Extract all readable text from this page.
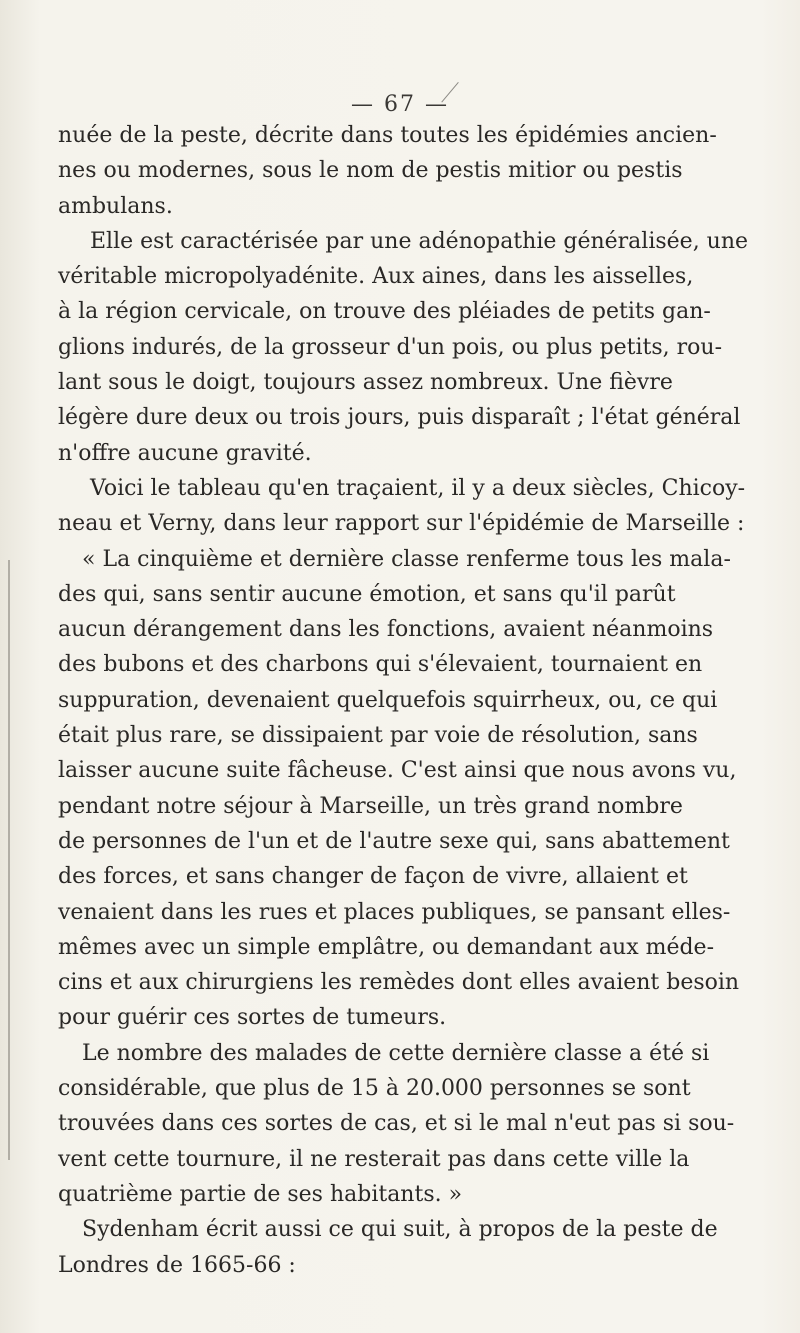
— 67 —
nuée de la peste, décrite dans toutes les épidémies ancien-
nes ou modernes, sous le nom de pestis mitior ou pestis
ambulans.
Elle est caractérisée par une adénopathie généralisée, une
véritable micropolyadénite. Aux aines, dans les aisselles,
à la région cervicale, on trouve des pléiades de petits gan-
glions indurés, de la grosseur d'un pois, ou plus petits, rou-
lant sous le doigt, toujours assez nombreux. Une fièvre
légère dure deux ou trois jours, puis disparaît ; l'état général
n'offre aucune gravité.
Voici le tableau qu'en traçaient, il y a deux siècles, Chicoy-
neau et Verny, dans leur rapport sur l'épidémie de Marseille :
« La cinquième et dernière classe renferme tous les mala-
des qui, sans sentir aucune émotion, et sans qu'il parût
aucun dérangement dans les fonctions, avaient néanmoins
des bubons et des charbons qui s'élevaient, tournaient en
suppuration, devenaient quelquefois squirrheux, ou, ce qui
était plus rare, se dissipaient par voie de résolution, sans
laisser aucune suite fâcheuse. C'est ainsi que nous avons vu,
pendant notre séjour à Marseille, un très grand nombre
de personnes de l'un et de l'autre sexe qui, sans abattement
des forces, et sans changer de façon de vivre, allaient et
venaient dans les rues et places publiques, se pansant elles-
mêmes avec un simple emplâtre, ou demandant aux méde-
cins et aux chirurgiens les remèdes dont elles avaient besoin
pour guérir ces sortes de tumeurs.
Le nombre des malades de cette dernière classe a été si
considérable, que plus de 15 à 20.000 personnes se sont
trouvées dans ces sortes de cas, et si le mal n'eut pas si sou-
vent cette tournure, il ne resterait pas dans cette ville la
quatrième partie de ses habitants. »
Sydenham écrit aussi ce qui suit, à propos de la peste de
Londres de 1665-66 :
